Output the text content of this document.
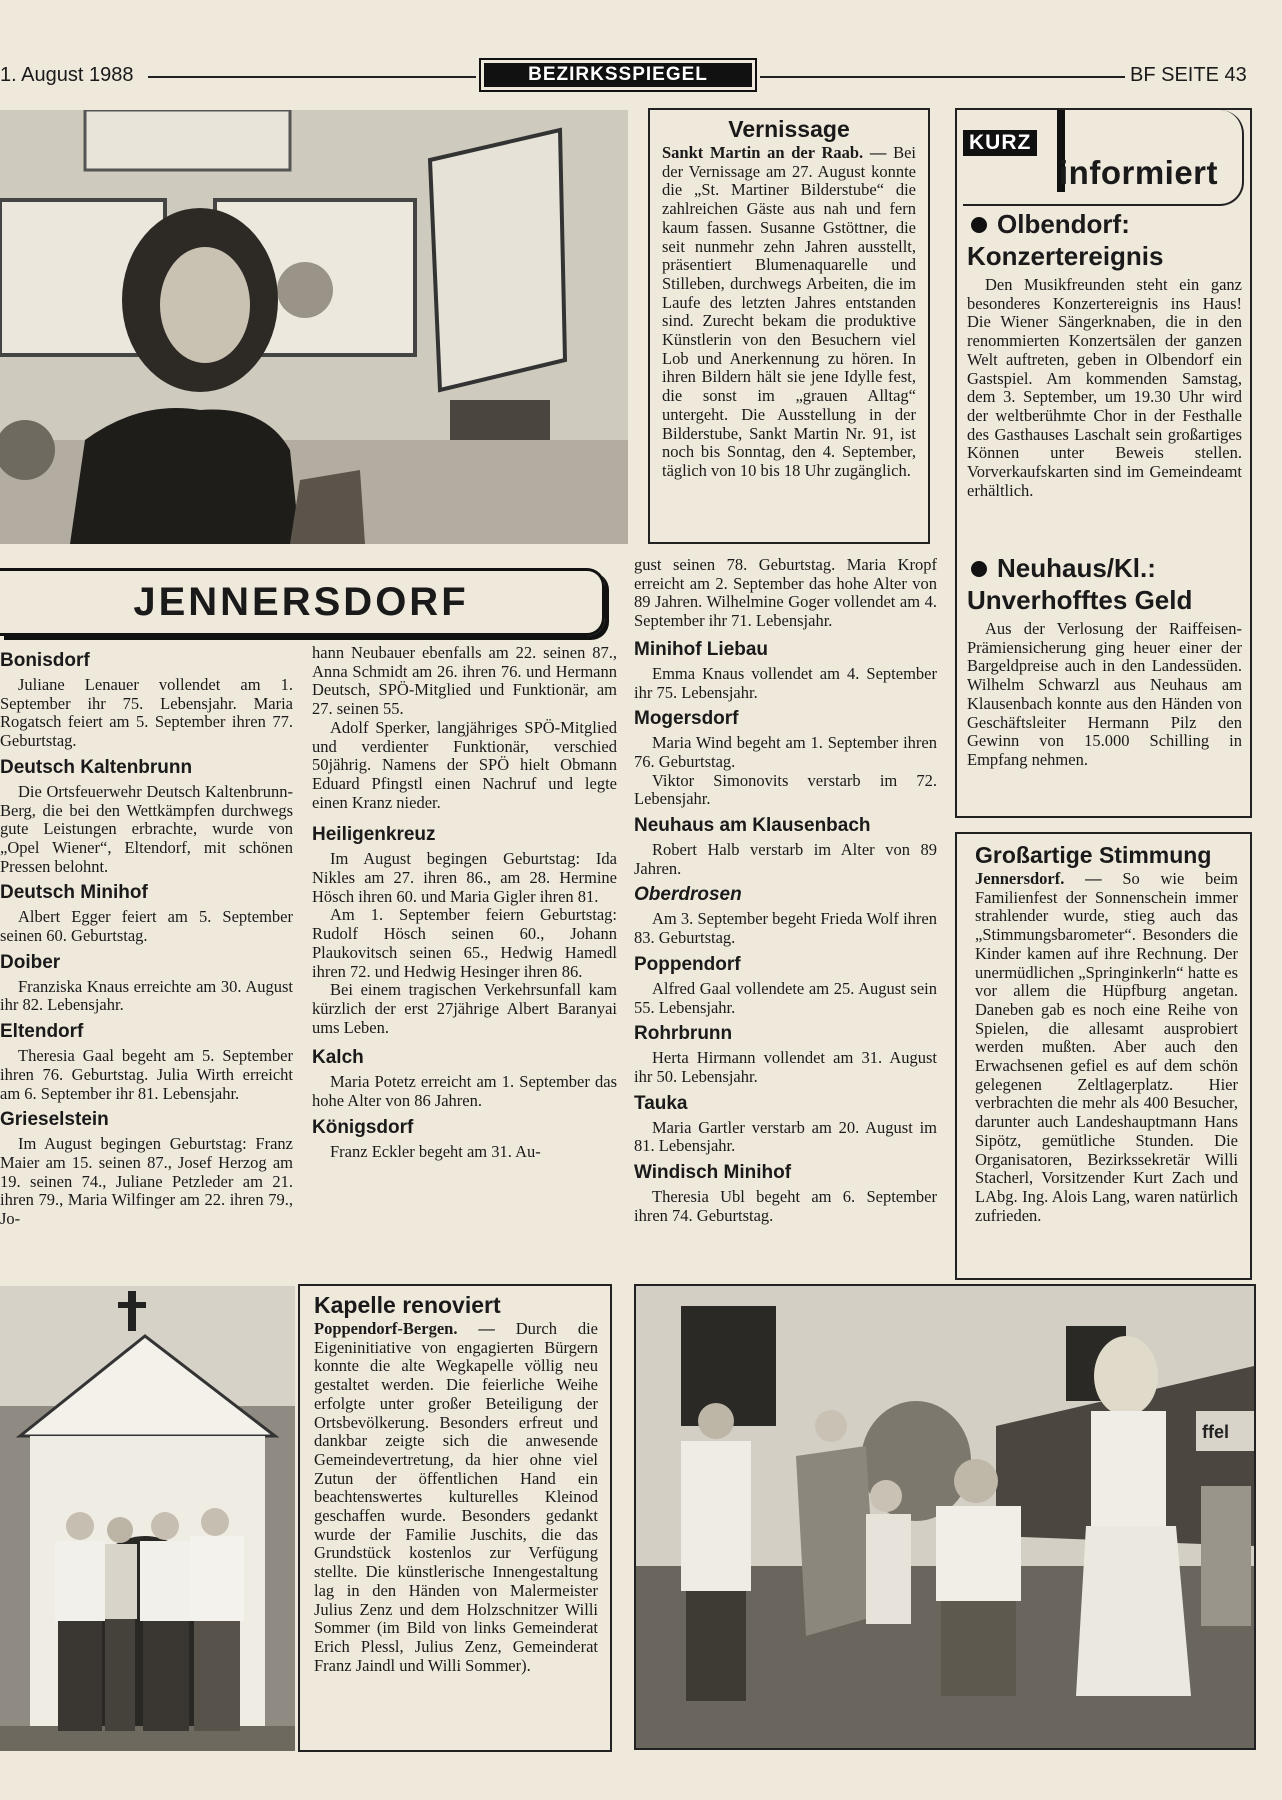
1. August 1988	BEZIRKSSPIEGEL	BF SEITE 43
Vernissage
Sankt Martin an der Raab. — Bei der Vernissage am 27. August konnte die „St. Martiner Bilderstube“ die zahlreichen Gäste aus nah und fern kaum fassen. Susanne Gstöttner, die seit nunmehr zehn Jahren ausstellt, präsentiert Blumenaquarelle und Stilleben, durchwegs Arbeiten, die im Laufe des letzten Jahres entstanden sind. Zurecht bekam die produktive Künstlerin von den Besuchern viel Lob und Anerkennung zu hören. In ihren Bildern hält sie jene Idylle fest, die sonst im „grauen Alltag“ untergeht. Die Ausstellung in der Bilderstube, Sankt Martin Nr. 91, ist noch bis Sonntag, den 4. September, täglich von 10 bis 18 Uhr zugänglich.
KURZ
informiert
Olbendorf: Konzertereignis

Den Musikfreunden steht ein ganz besonderes Konzertereignis ins Haus! Die Wiener Sängerknaben, die in den renommierten Konzertsälen der ganzen Welt auftreten, geben in Olbendorf ein Gastspiel. Am kommenden Samstag, dem 3. September, um 19.30 Uhr wird der weltberühmte Chor in der Festhalle des Gasthauses Laschalt sein großartiges Können unter Beweis stellen. Vorverkaufskarten sind im Gemeindeamt erhältlich.

Neuhaus/Kl.: Unverhofftes Geld

Aus der Verlosung der Raiffeisen-Prämiensicherung ging heuer einer der Bargeldpreise auch in den Landessüden. Wilhelm Schwarzl aus Neuhaus am Klausenbach konnte aus den Händen von Geschäftsleiter Hermann Pilz den Gewinn von 15.000 Schilling in Empfang nehmen.

JENNERSDORF
Bonisdorf

Juliane Lenauer vollendet am 1. September ihr 75. Lebensjahr. Maria Rogatsch feiert am 5. September ihren 77. Geburtstag.

Deutsch Kaltenbrunn

Die Ortsfeuerwehr Deutsch Kaltenbrunn-Berg, die bei den Wettkämpfen durchwegs gute Leistungen erbrachte, wurde von „Opel Wiener“, Eltendorf, mit schönen Pressen belohnt.

Deutsch Minihof

Albert Egger feiert am 5. September seinen 60. Geburtstag.

Doiber

Franziska Knaus erreichte am 30. August ihr 82. Lebensjahr.

Eltendorf

Theresia Gaal begeht am 5. September ihren 76. Geburtstag. Julia Wirth erreicht am 6. September ihr 81. Lebensjahr.

Grieselstein

Im August begingen Geburtstag: Franz Maier am 15. seinen 87., Josef Herzog am 19. seinen 74., Juliane Petzleder am 21. ihren 79., Maria Wilfinger am 22. ihren 79., Jo-

hann Neubauer ebenfalls am 22. seinen 87., Anna Schmidt am 26. ihren 76. und Hermann Deutsch, SPÖ-Mitglied und Funktionär, am 27. seinen 55.

Adolf Sperker, langjähriges SPÖ-Mitglied und verdienter Funktionär, verschied 50jährig. Namens der SPÖ hielt Obmann Eduard Pfingstl einen Nachruf und legte einen Kranz nieder.

Heiligenkreuz

Im August begingen Geburtstag: Ida Nikles am 27. ihren 86., am 28. Hermine Hösch ihren 60. und Maria Gigler ihren 81.

Am 1. September feiern Geburtstag: Rudolf Hösch seinen 60., Johann Plaukovitsch seinen 65., Hedwig Hamedl ihren 72. und Hedwig Hesinger ihren 86.

Bei einem tragischen Verkehrsunfall kam kürzlich der erst 27jährige Albert Baranyai ums Leben.

Kalch

Maria Potetz erreicht am 1. September das hohe Alter von 86 Jahren.

Königsdorf

Franz Eckler begeht am 31. Au-

gust seinen 78. Geburtstag. Maria Kropf erreicht am 2. September das hohe Alter von 89 Jahren. Wilhelmine Goger vollendet am 4. September ihr 71. Lebensjahr.

Minihof Liebau

Emma Knaus vollendet am 4. September ihr 75. Lebensjahr.

Mogersdorf

Maria Wind begeht am 1. September ihren 76. Geburtstag.

Viktor Simonovits verstarb im 72. Lebensjahr.

Neuhaus am Klausenbach

Robert Halb verstarb im Alter von 89 Jahren.

Oberdrosen

Am 3. September begeht Frieda Wolf ihren 83. Geburtstag.

Poppendorf

Alfred Gaal vollendete am 25. August sein 55. Lebensjahr.

Rohrbrunn

Herta Hirmann vollendet am 31. August ihr 50. Lebensjahr.

Tauka

Maria Gartler verstarb am 20. August im 81. Lebensjahr.

Windisch Minihof

Theresia Ubl begeht am 6. September ihren 74. Geburtstag.

Großartige Stimmung
Jennersdorf. — So wie beim Familienfest der Sonnenschein immer strahlender wurde, stieg auch das „Stimmungsbarometer“. Besonders die Kinder kamen auf ihre Rechnung. Der unermüdlichen „Springinkerln“ hatte es vor allem die Hüpfburg angetan. Daneben gab es noch eine Reihe von Spielen, die allesamt ausprobiert werden mußten. Aber auch den Erwachsenen gefiel es auf dem schön gelegenen Zeltlagerplatz. Hier verbrachten die mehr als 400 Besucher, darunter auch Landeshauptmann Hans Sipötz, gemütliche Stunden. Die Organisatoren, Bezirkssekretär Willi Stacherl, Vorsitzender Kurt Zach und LAbg. Ing. Alois Lang, waren natürlich zufrieden.
Kapelle renoviert
Poppendorf-Bergen. — Durch die Eigeninitiative von engagierten Bürgern konnte die alte Wegkapelle völlig neu gestaltet werden. Die feierliche Weihe erfolgte unter großer Beteiligung der Ortsbevölkerung. Besonders erfreut und dankbar zeigte sich die anwesende Gemeindevertretung, da hier ohne viel Zutun der öffentlichen Hand ein beachtenswertes kulturelles Kleinod geschaffen wurde. Besonders gedankt wurde der Familie Juschits, die das Grundstück kostenlos zur Verfügung stellte. Die künstlerische Innengestaltung lag in den Händen von Malermeister Julius Zenz und dem Holzschnitzer Willi Sommer (im Bild von links Gemeinderat Erich Plessl, Julius Zenz, Gemeinderat Franz Jaindl und Willi Sommer).
ffel
